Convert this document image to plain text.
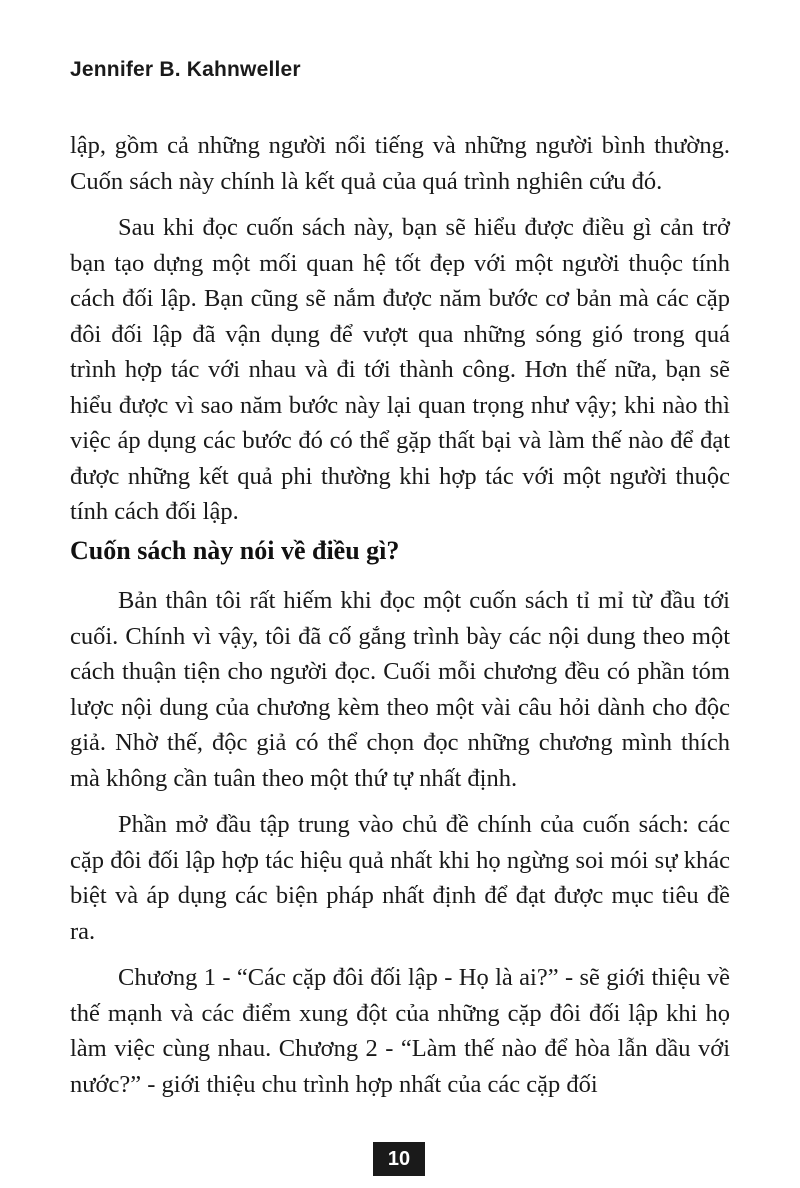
Jennifer B. Kahnweller

lập, gồm cả những người nổi tiếng và những người bình thường. Cuốn sách này chính là kết quả của quá trình nghiên cứu đó.

Sau khi đọc cuốn sách này, bạn sẽ hiểu được điều gì cản trở bạn tạo dựng một mối quan hệ tốt đẹp với một người thuộc tính cách đối lập. Bạn cũng sẽ nắm được năm bước cơ bản mà các cặp đôi đối lập đã vận dụng để vượt qua những sóng gió trong quá trình hợp tác với nhau và đi tới thành công. Hơn thế nữa, bạn sẽ hiểu được vì sao năm bước này lại quan trọng như vậy; khi nào thì việc áp dụng các bước đó có thể gặp thất bại và làm thế nào để đạt được những kết quả phi thường khi hợp tác với một người thuộc tính cách đối lập.

Cuốn sách này nói về điều gì?

Bản thân tôi rất hiếm khi đọc một cuốn sách tỉ mỉ từ đầu tới cuối. Chính vì vậy, tôi đã cố gắng trình bày các nội dung theo một cách thuận tiện cho người đọc. Cuối mỗi chương đều có phần tóm lược nội dung của chương kèm theo một vài câu hỏi dành cho độc giả. Nhờ thế, độc giả có thể chọn đọc những chương mình thích mà không cần tuân theo một thứ tự nhất định.

Phần mở đầu tập trung vào chủ đề chính của cuốn sách: các cặp đôi đối lập hợp tác hiệu quả nhất khi họ ngừng soi mói sự khác biệt và áp dụng các biện pháp nhất định để đạt được mục tiêu đề ra.

Chương 1 - “Các cặp đôi đối lập - Họ là ai?” - sẽ giới thiệu về thế mạnh và các điểm xung đột của những cặp đôi đối lập khi họ làm việc cùng nhau. Chương 2 - “Làm thế nào để hòa lẫn dầu với nước?” - giới thiệu chu trình hợp nhất của các cặp đối

10
